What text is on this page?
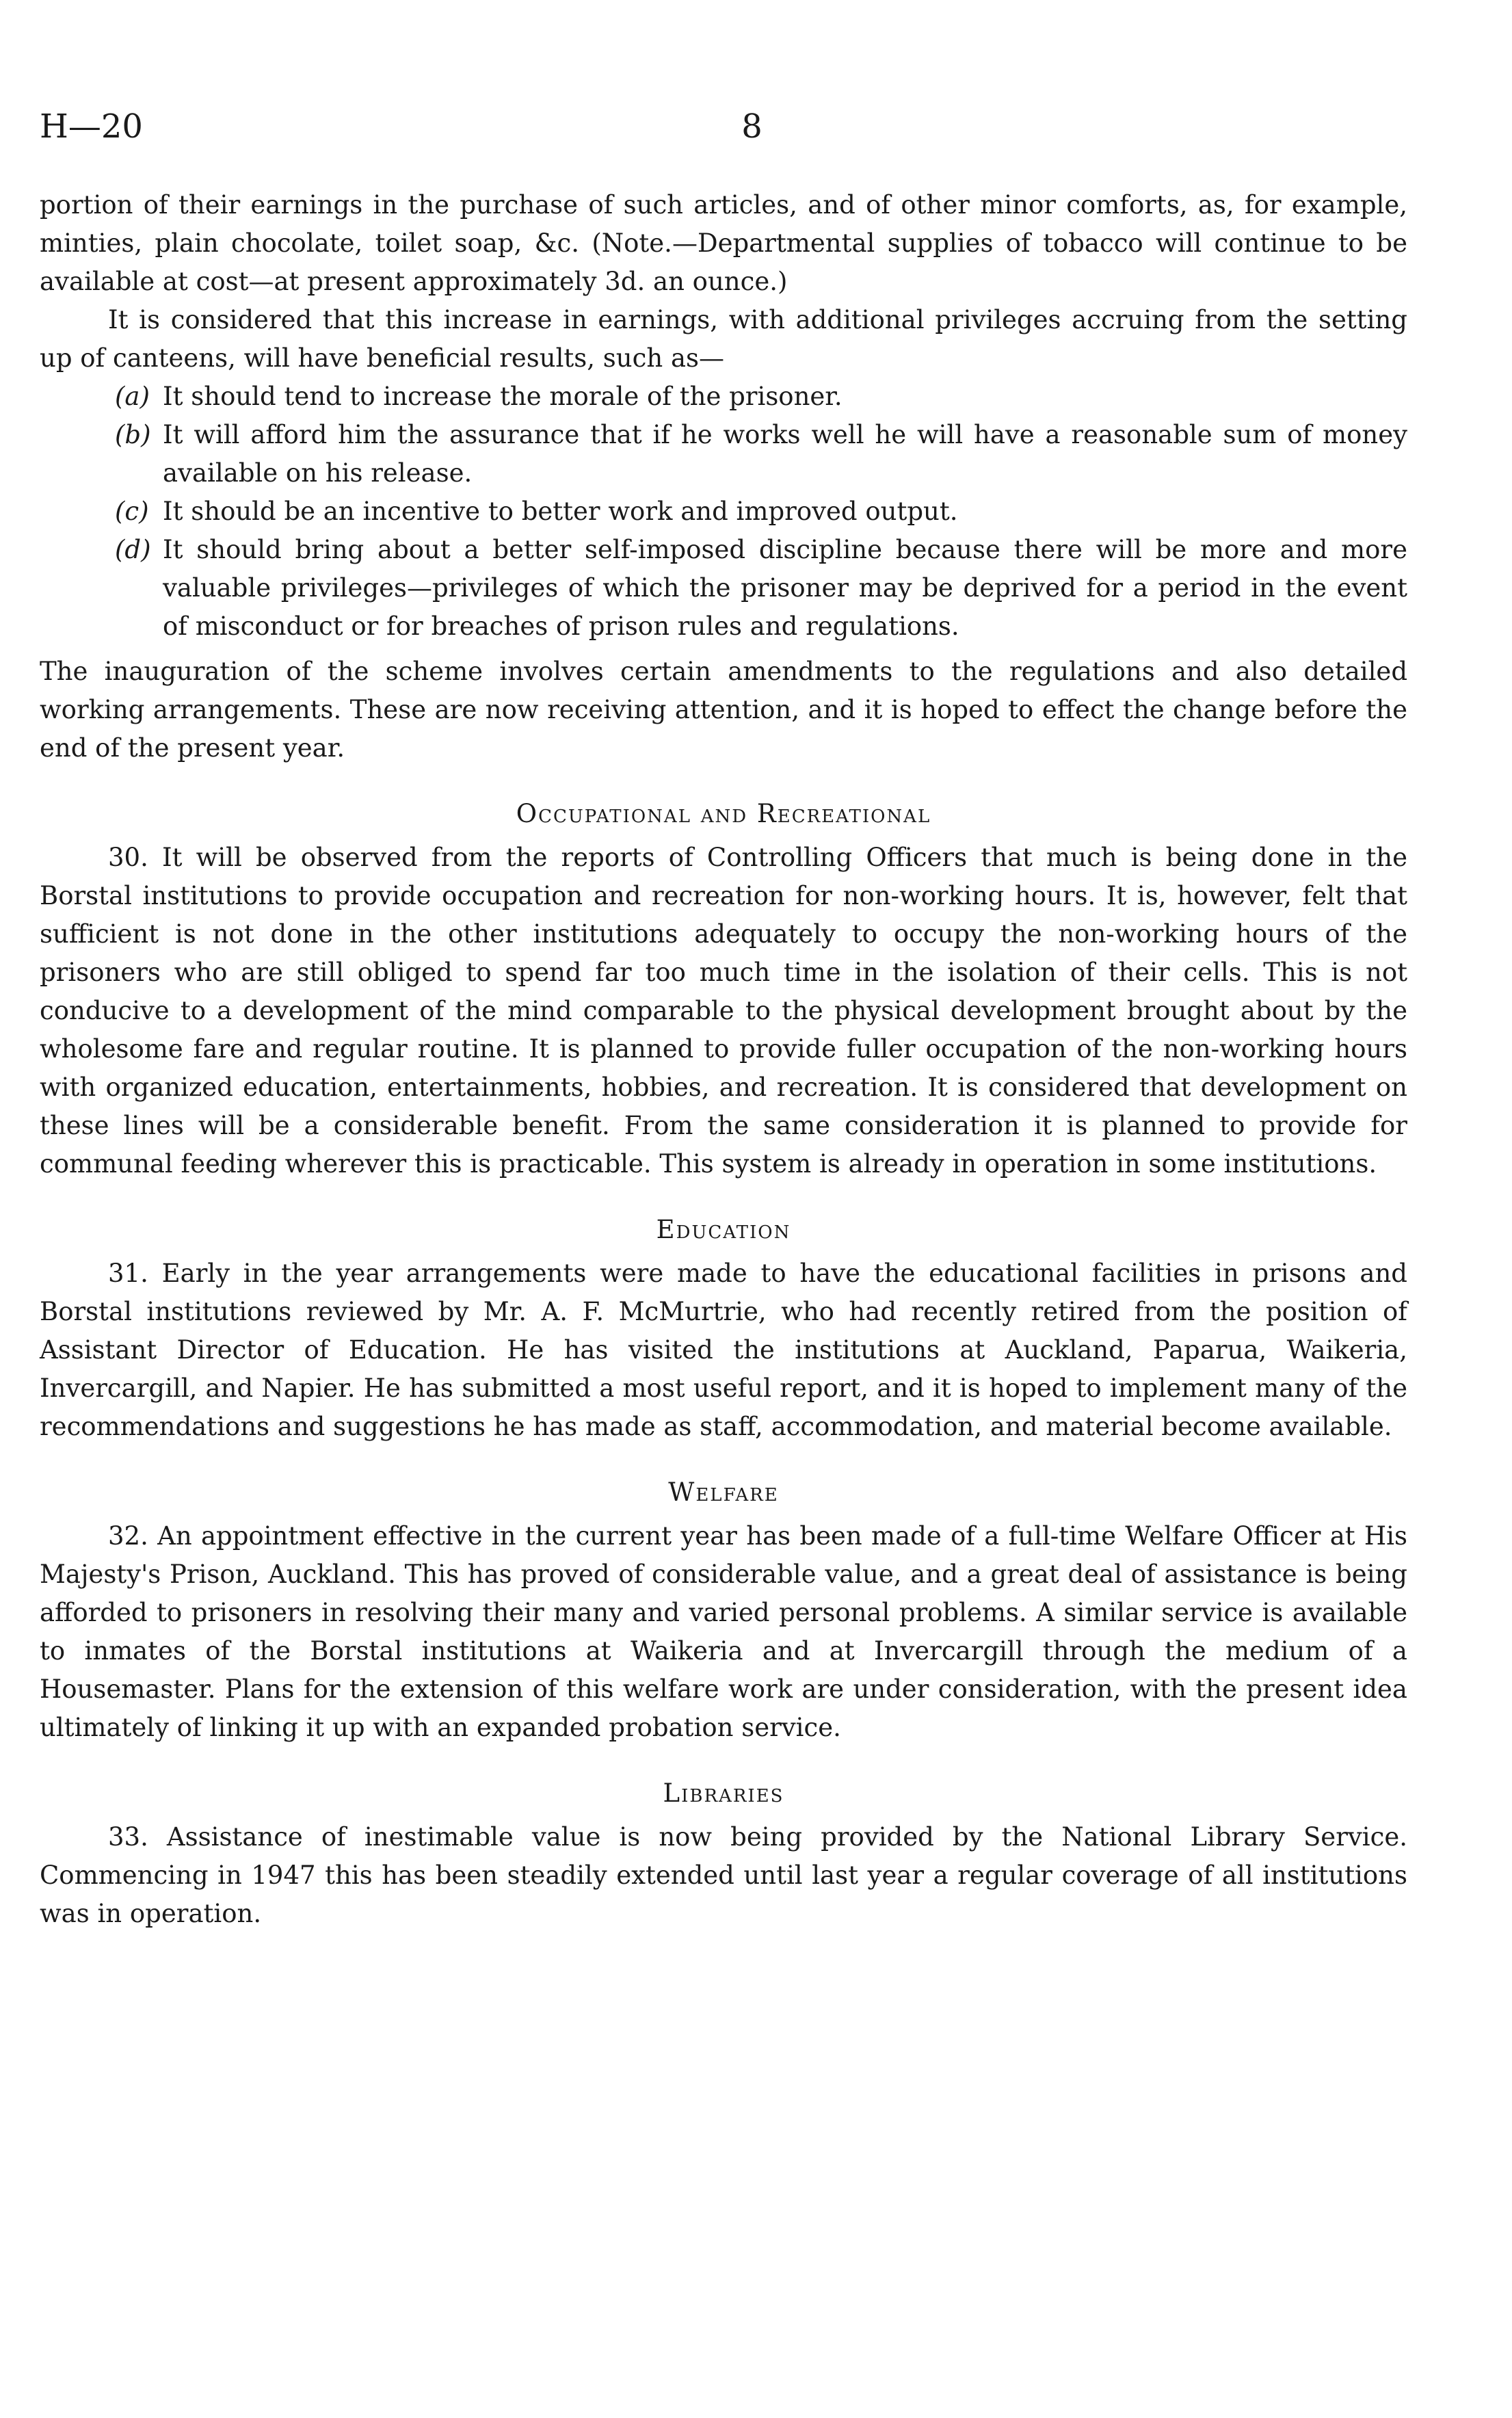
H—20	8

portion of their earnings in the purchase of such articles, and of other minor comforts, as, for example, minties, plain chocolate, toilet soap, &c. (Note.—Departmental supplies of tobacco will continue to be available at cost—at present approximately 3d. an ounce.)

It is considered that this increase in earnings, with additional privileges accruing from the setting up of canteens, will have beneficial results, such as—

(a) It should tend to increase the morale of the prisoner.
(b) It will afford him the assurance that if he works well he will have a reasonable sum of money available on his release.
(c) It should be an incentive to better work and improved output.
(d) It should bring about a better self-imposed discipline because there will be more and more valuable privileges—privileges of which the prisoner may be deprived for a period in the event of misconduct or for breaches of prison rules and regulations.

The inauguration of the scheme involves certain amendments to the regulations and also detailed working arrangements. These are now receiving attention, and it is hoped to effect the change before the end of the present year.

Occupational and Recreational

30. It will be observed from the reports of Controlling Officers that much is being done in the Borstal institutions to provide occupation and recreation for non-working hours. It is, however, felt that sufficient is not done in the other institutions adequately to occupy the non-working hours of the prisoners who are still obliged to spend far too much time in the isolation of their cells. This is not conducive to a development of the mind comparable to the physical development brought about by the wholesome fare and regular routine. It is planned to provide fuller occupation of the non-working hours with organized education, entertainments, hobbies, and recreation. It is considered that development on these lines will be a considerable benefit. From the same consideration it is planned to provide for communal feeding wherever this is practicable. This system is already in operation in some institutions.

Education

31. Early in the year arrangements were made to have the educational facilities in prisons and Borstal institutions reviewed by Mr. A. F. McMurtrie, who had recently retired from the position of Assistant Director of Education. He has visited the institutions at Auckland, Paparua, Waikeria, Invercargill, and Napier. He has submitted a most useful report, and it is hoped to implement many of the recommendations and suggestions he has made as staff, accommodation, and material become available.

Welfare

32. An appointment effective in the current year has been made of a full-time Welfare Officer at His Majesty's Prison, Auckland. This has proved of considerable value, and a great deal of assistance is being afforded to prisoners in resolving their many and varied personal problems. A similar service is available to inmates of the Borstal institutions at Waikeria and at Invercargill through the medium of a Housemaster. Plans for the extension of this welfare work are under consideration, with the present idea ultimately of linking it up with an expanded probation service.

Libraries

33. Assistance of inestimable value is now being provided by the National Library Service. Commencing in 1947 this has been steadily extended until last year a regular coverage of all institutions was in operation.
